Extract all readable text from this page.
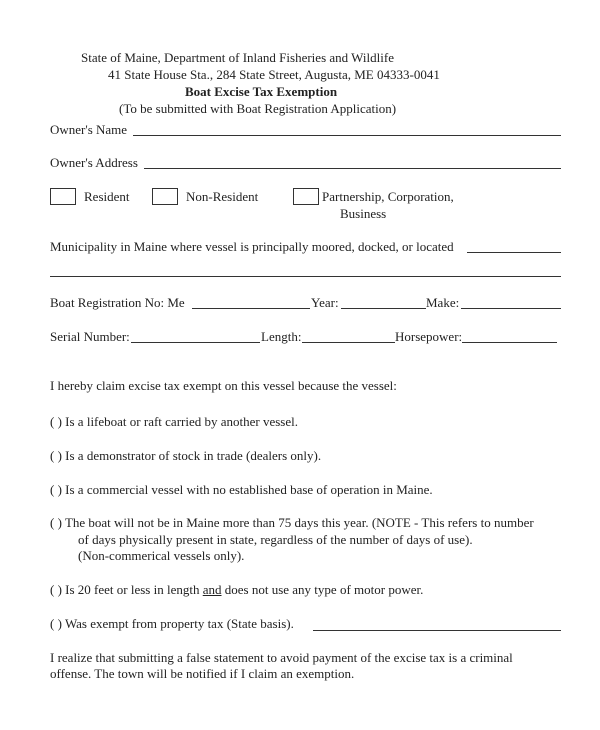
State of Maine, Department of Inland Fisheries and Wildlife
41 State House Sta., 284 State Street, Augusta, ME 04333-0041
Boat Excise Tax Exemption
(To be submitted with Boat Registration Application)
Owner's Name
Owner's Address
Resident	Non-Resident	Partnership, Corporation,
Business
Municipality in Maine where vessel is principally moored, docked, or located
Boat Registration No: Me	Year:	Make:
Serial Number:	Length:	Horsepower:
I hereby claim excise tax exempt on this vessel because the vessel:
( ) Is a lifeboat or raft carried by another vessel.
( ) Is a demonstrator of stock in trade (dealers only).
( ) Is a commercial vessel with no established base of operation in Maine.
( ) The boat will not be in Maine more than 75 days this year. (NOTE - This refers to number
of days physically present in state, regardless of the number of days of use).
(Non-commerical vessels only).
( ) Is 20 feet or less in length and does not use any type of motor power.
( ) Was exempt from property tax (State basis).
I realize that submitting a false statement to avoid payment of the excise tax is a criminal
offense. The town will be notified if I claim an exemption.
